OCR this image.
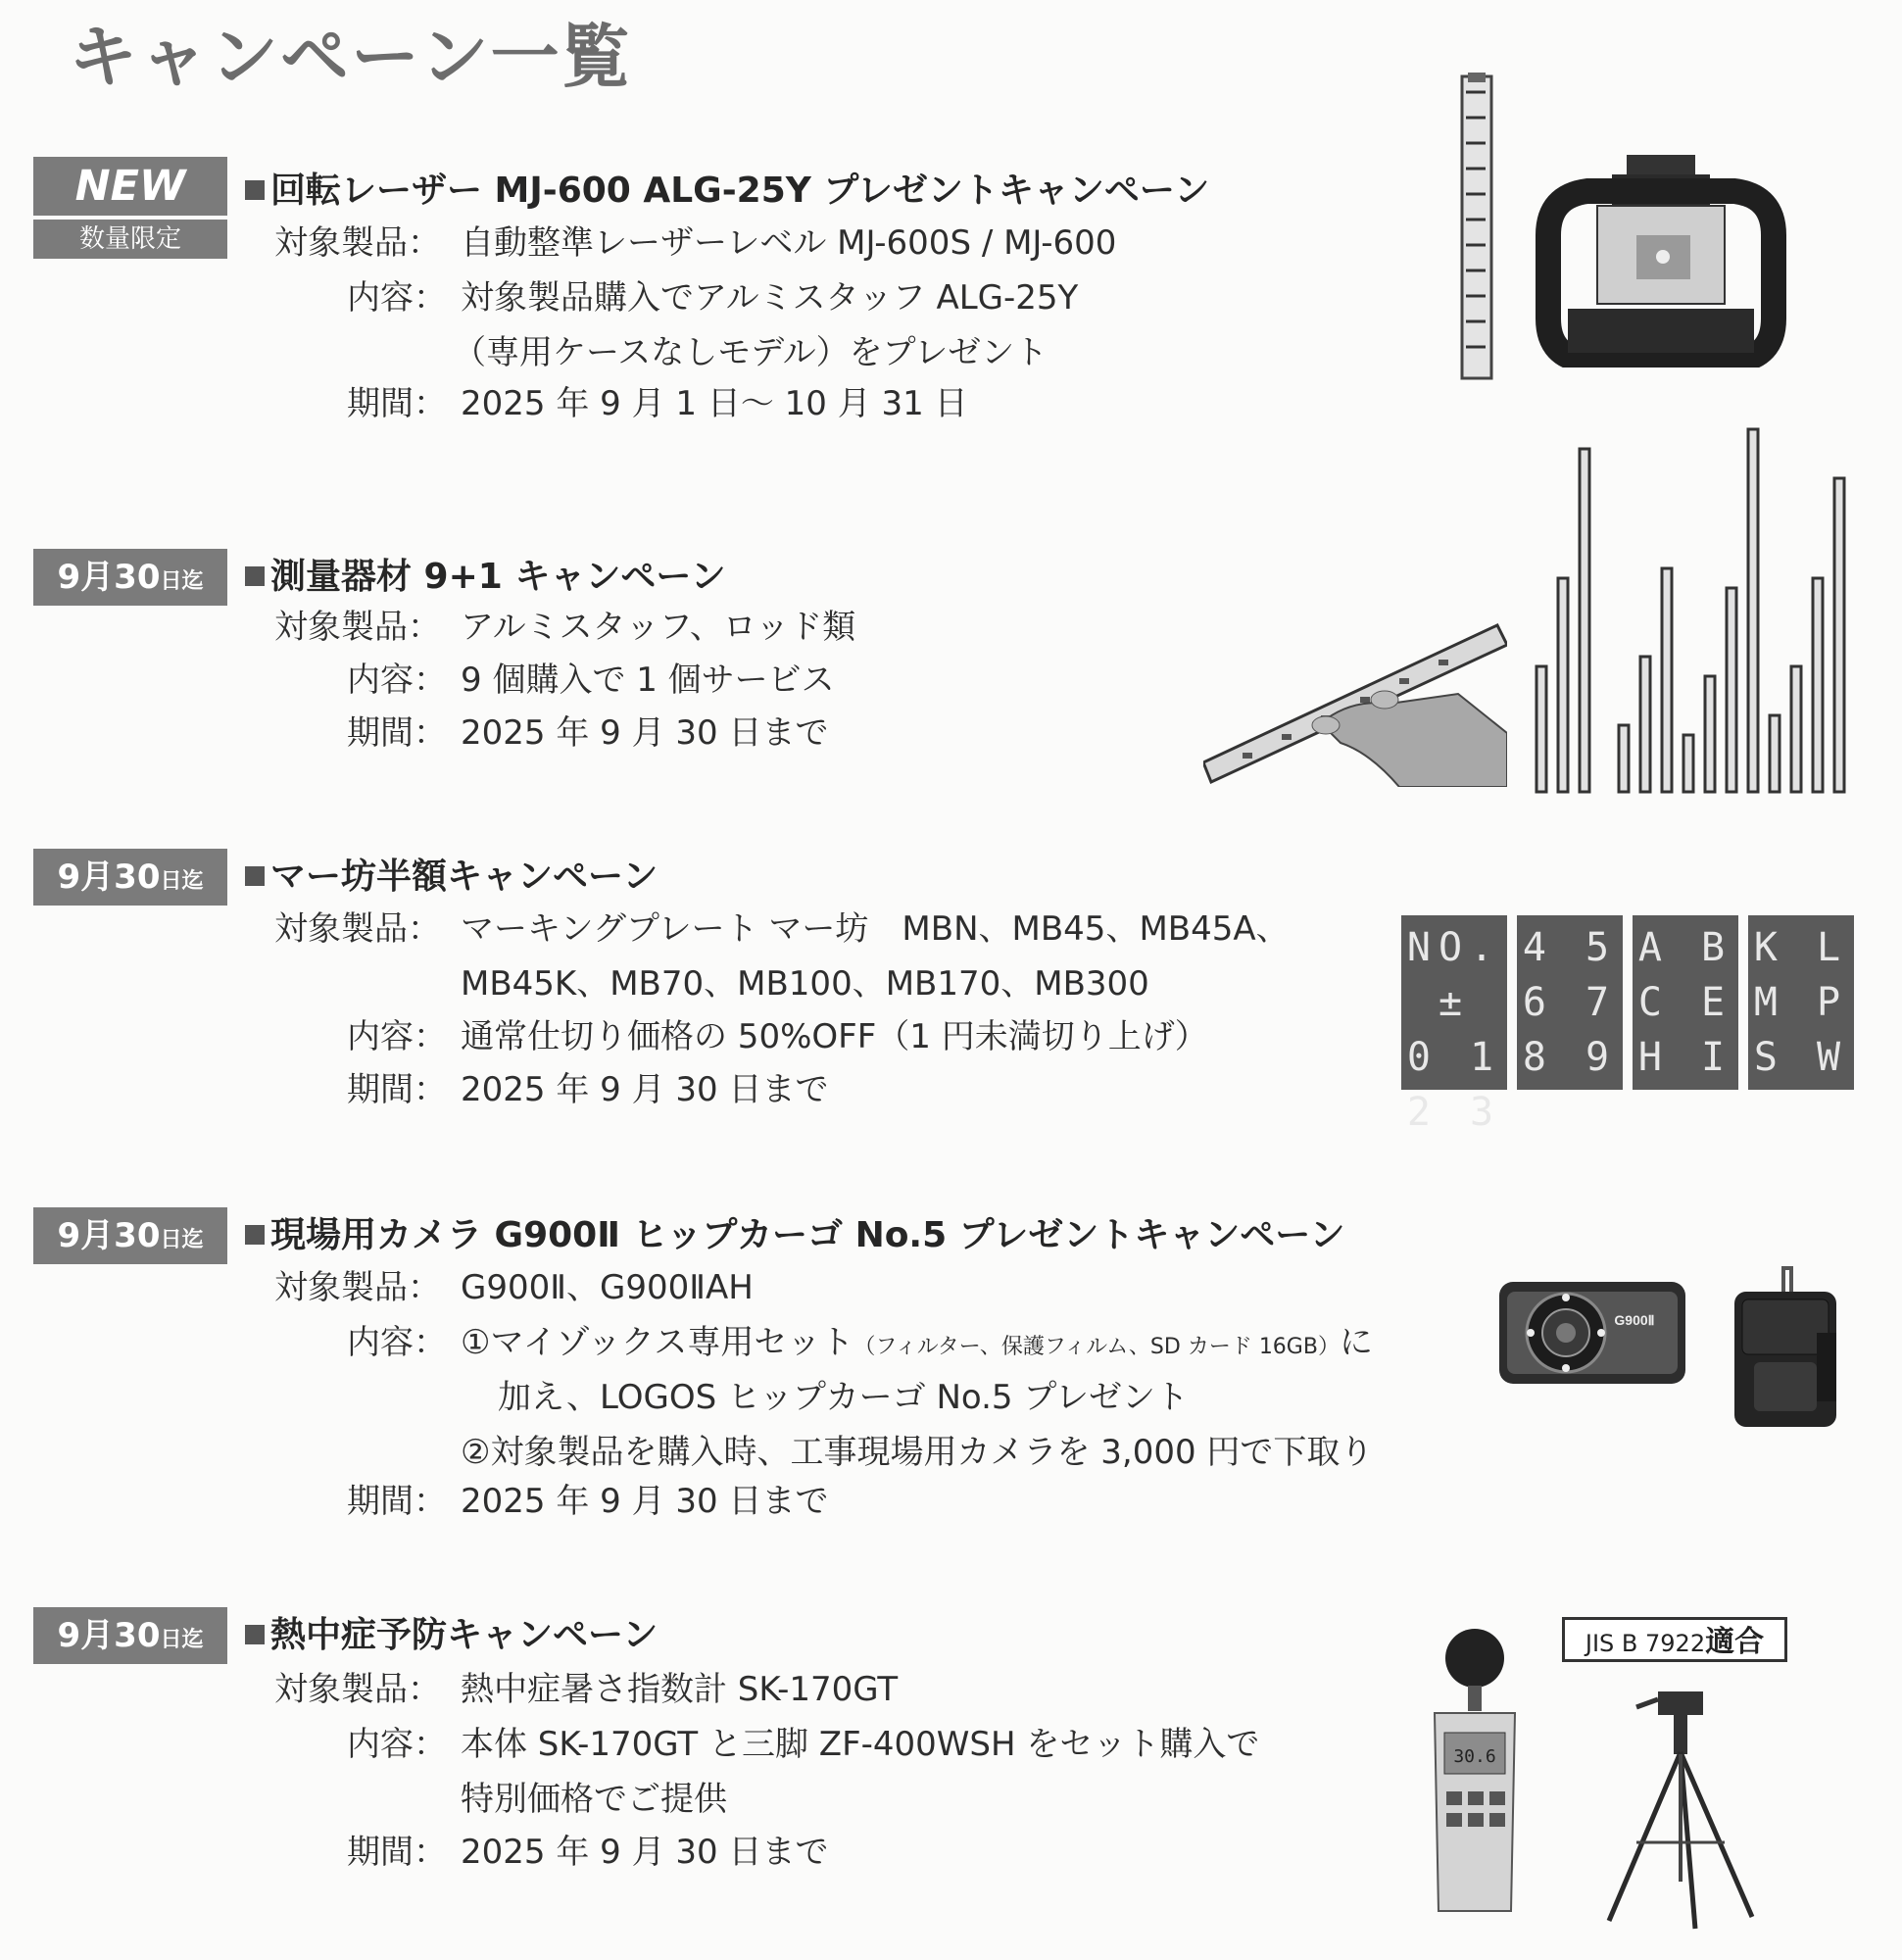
キャンペーン一覧
NEW
数量限定
回転レーザー MJ-600 ALG-25Y プレゼントキャンペーン
対象製品： 自動整準レーザーレベル MJ-600S / MJ-600
内容： 対象製品購入でアルミスタッフ ALG-25Y
（専用ケースなしモデル）をプレゼント
期間： 2025 年 9 月 1 日～ 10 月 31 日
9月30日迄	測量器材 9+1 キャンペーン
対象製品： アルミスタッフ、ロッド類
内容： 9 個購入で 1 個サービス
期間： 2025 年 9 月 30 日まで
9月30日迄	マー坊半額キャンペーン
対象製品： マーキングプレート マー坊　MBN、MB45、MB45A、
MB45K、MB70、MB100、MB170、MB300
内容： 通常仕切り価格の 50%OFF（1 円未満切り上げ）
期間： 2025 年 9 月 30 日まで
NO.±
0 1
2 3
4 5
6 7
8 9
A B
C E
H I
K L
M P
S W
9月30日迄	現場用カメラ G900Ⅱ ヒップカーゴ No.5 プレゼントキャンペーン
対象製品： G900Ⅱ、G900ⅡAH
内容： ①マイゾックス専用セット（フィルター、保護フィルム、SD カード 16GB）に
加え、LOGOS ヒップカーゴ No.5 プレゼント
②対象製品を購入時、工事現場用カメラを 3,000 円で下取り
期間： 2025 年 9 月 30 日まで
G900Ⅱ
9月30日迄	熱中症予防キャンペーン
対象製品： 熱中症暑さ指数計 SK-170GT
内容： 本体 SK-170GT と三脚 ZF-400WSH をセット購入で
特別価格でご提供
期間： 2025 年 9 月 30 日まで
JIS B 7922適合
30.6
